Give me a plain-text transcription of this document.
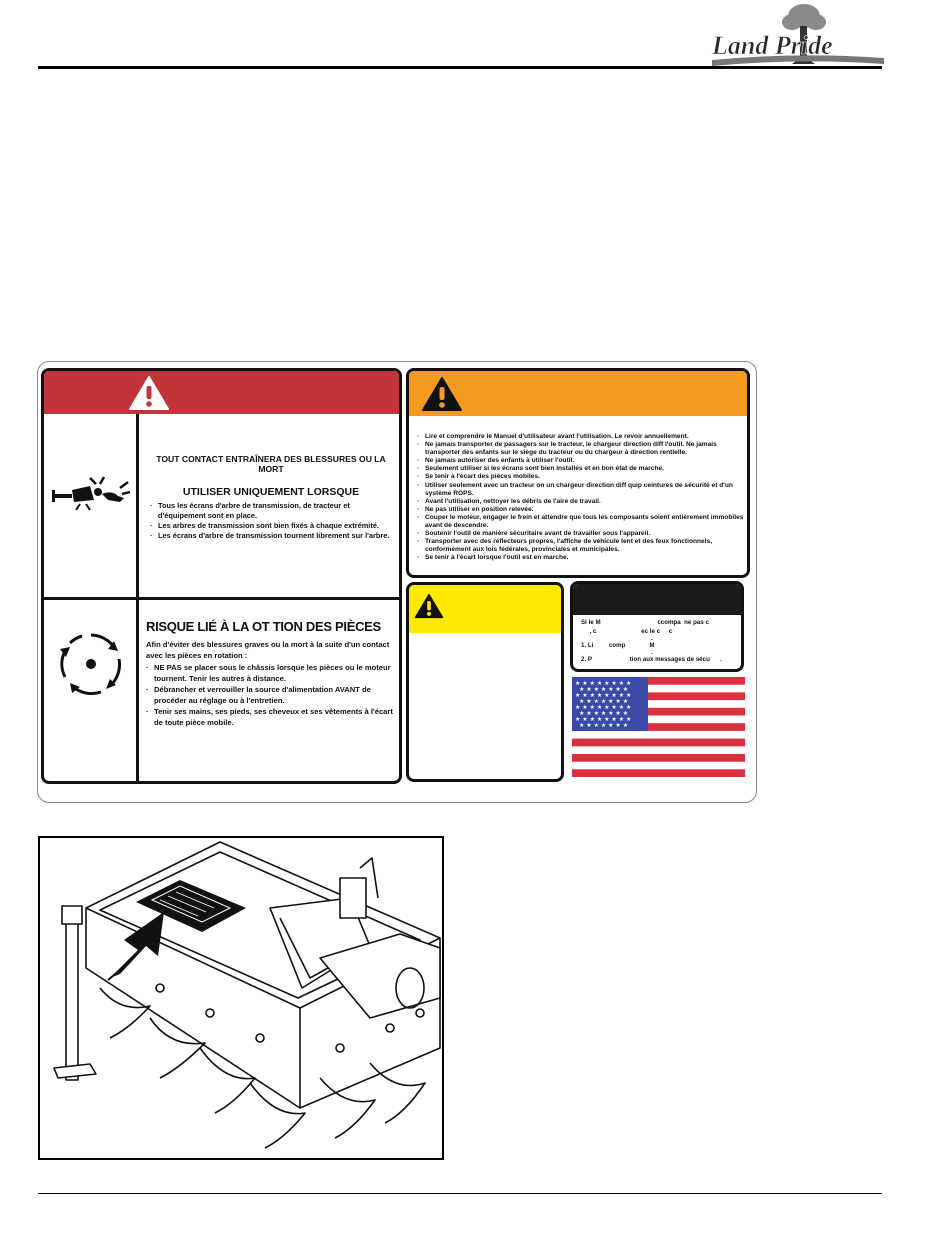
Land Pride
TOUT CONTACT ENTRAÎNERA DES BLESSURES OU LA MORT
UTILISER UNIQUEMENT LORSQUE
· Tous les écrans d'arbre de transmission, de tracteur et d'équipement sont en place.
· Les arbres de transmission sont bien fixés à chaque extrémité.
· Les écrans d'arbre de transmission tournent librement sur l'arbre.
RISQUE LIÉ À LA OT TION DES PIÈCES
Afin d'éviter des blessures graves ou la mort à la suite d'un contact avec les pièces en rotation :
· NE PAS se placer sous le châssis lorsque les pièces ou le moteur tournent. Tenir les autres à distance.
· Débrancher et verrouiller la source d'alimentation AVANT de procéder au réglage ou à l'entretien.
· Tenir ses mains, ses pieds, ses cheveux et ses vêtements à l'écart de toute pièce mobile.
· Lire et comprendre le Manuel d'utilisateur avant l'utilisation. Le revoir annuellement.
· Ne jamais transporter de passagers sur le tracteur, le chargeur direction diff l'outil. Ne jamais transporter des enfants sur le siège du tracteur ou du chargeur à direction rentielle.
· Ne jamais autoriser des enfants à utiliser l'outil.
· Seulement utiliser si les écrans sont bien installés et en bon état de marche.
· Se tenir à l'écart des pièces mobiles.
· Utiliser seulement avec un tracteur on un chargeur direction diff quip ceintures de sécurité et d'un système ROPS.
· Avant l'utilisation, nettoyer les débris de l'aire de travail.
· Ne pas utiliser en position relevée.
· Couper le moteur, engager le frein et attendre que tous les composants soient entièrement immobiles avant de descendre.
· Soutenir l'outil de manière sécuritaire avant de travailler sous l'appareil.
· Transporter avec des réflecteurs propres, l'affiche de véhicule lent et des feux fonctionnels, conformément aux lois fédérales, provinciales et municipales.
· Se tenir à l'écart lorsque l'outil est en marche.
Si le M                                 ccompa  ne pas c
, c                          ec le c     c
.
1. Li         comp              M
.
2. P                      tion aux messages de sécu      .
★ ★ ★ ★ ★ ★ ★ ★
★ ★ ★ ★ ★ ★ ★
★ ★ ★ ★ ★ ★ ★ ★
★ ★ ★ ★ ★ ★ ★
★ ★ ★ ★ ★ ★ ★ ★
★ ★ ★ ★ ★ ★ ★
★ ★ ★ ★ ★ ★ ★ ★
★ ★ ★ ★ ★ ★ ★
